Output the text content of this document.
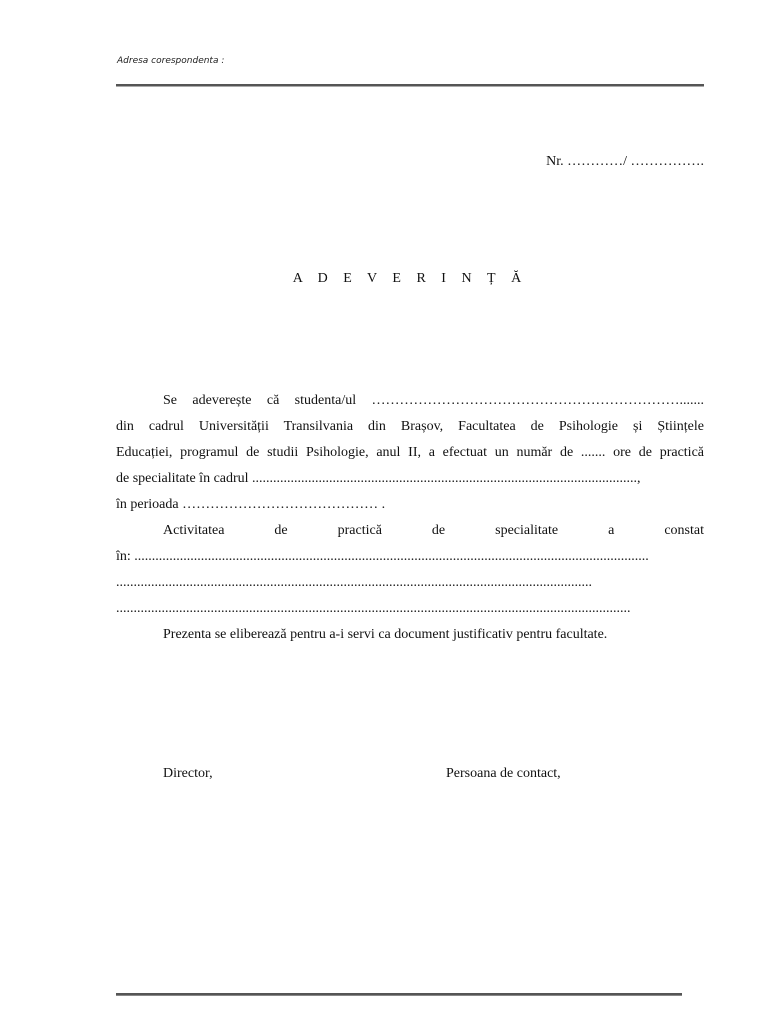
Adresa corespondenta :
Nr. …………/ …………….
A D E V E R I N Ț Ă
Se adeverește că studenta/ul ………………………………………………………….......
din cadrul Universității Transilvania din Brașov, Facultatea de Psihologie și Științele
Educației, programul de studii Psihologie, anul II, a efectuat un număr de ....... ore de practică
de specialitate în cadrul ..............................................................................................................,
în perioada …………………………………… .
Activitatea de practică de specialitate a constat
în: ...................................................................................................................................................
........................................................................................................................................
...................................................................................................................................................
Prezenta se eliberează pentru a-i servi ca document justificativ pentru facultate.
Director,	Persoana de contact,
